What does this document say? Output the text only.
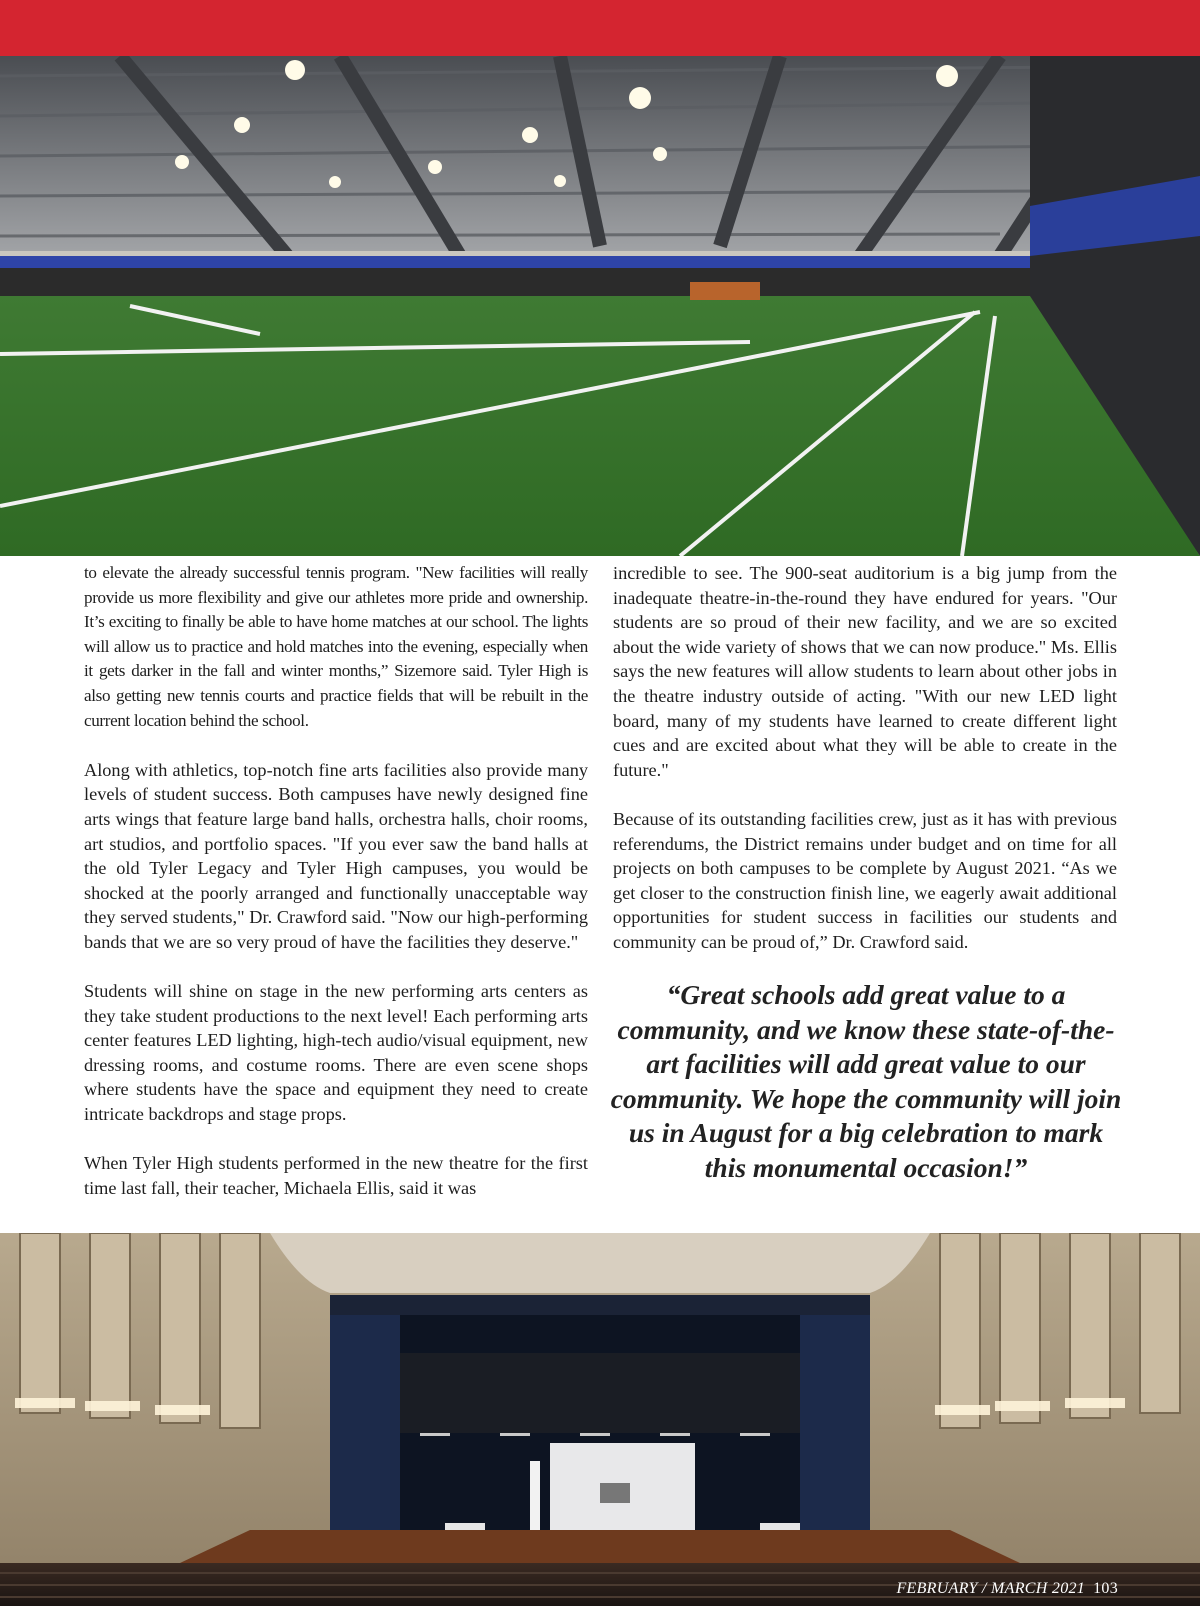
to elevate the already successful tennis program. "New facilities will really provide us more flexibility and give our athletes more pride and ownership. It’s exciting to finally be able to have home matches at our school. The lights will allow us to practice and hold matches into the evening, especially when it gets darker in the fall and winter months,” Sizemore said. Tyler High is also getting new tennis courts and practice fields that will be rebuilt in the current location behind the school.

Along with athletics, top-notch fine arts facilities also provide many levels of student success. Both campuses have newly designed fine arts wings that feature large band halls, orchestra halls, choir rooms, art studios, and portfolio spaces. "If you ever saw the band halls at the old Tyler Legacy and Tyler High campuses, you would be shocked at the poorly arranged and functionally unacceptable way they served students," Dr. Crawford said. "Now our high-performing bands that we are so very proud of have the facilities they deserve."

Students will shine on stage in the new performing arts centers as they take student productions to the next level! Each performing arts center features LED lighting, high-tech audio/visual equipment, new dressing rooms, and costume rooms. There are even scene shops where students have the space and equipment they need to create intricate backdrops and stage props.

When Tyler High students performed in the new theatre for the first time last fall, their teacher, Michaela Ellis, said it was

incredible to see. The 900-seat auditorium is a big jump from the inadequate theatre-in-the-round they have endured for years. "Our students are so proud of their new facility, and we are so excited about the wide variety of shows that we can now produce." Ms. Ellis says the new features will allow students to learn about other jobs in the theatre industry outside of acting. "With our new LED light board, many of my students have learned to create different light cues and are excited about what they will be able to create in the future."

Because of its outstanding facilities crew, just as it has with previous referendums, the District remains under budget and on time for all projects on both campuses to be complete by August 2021. “As we get closer to the construction finish line, we eagerly await additional opportunities for student success in facilities our students and community can be proud of,” Dr. Crawford said.

“Great schools add great value to a community, and we know these state-of-the-art facilities will add great value to our community. We hope the community will join us in August for a big celebration to mark this monumental occasion!”
FEBRUARY / MARCH 2021 103
